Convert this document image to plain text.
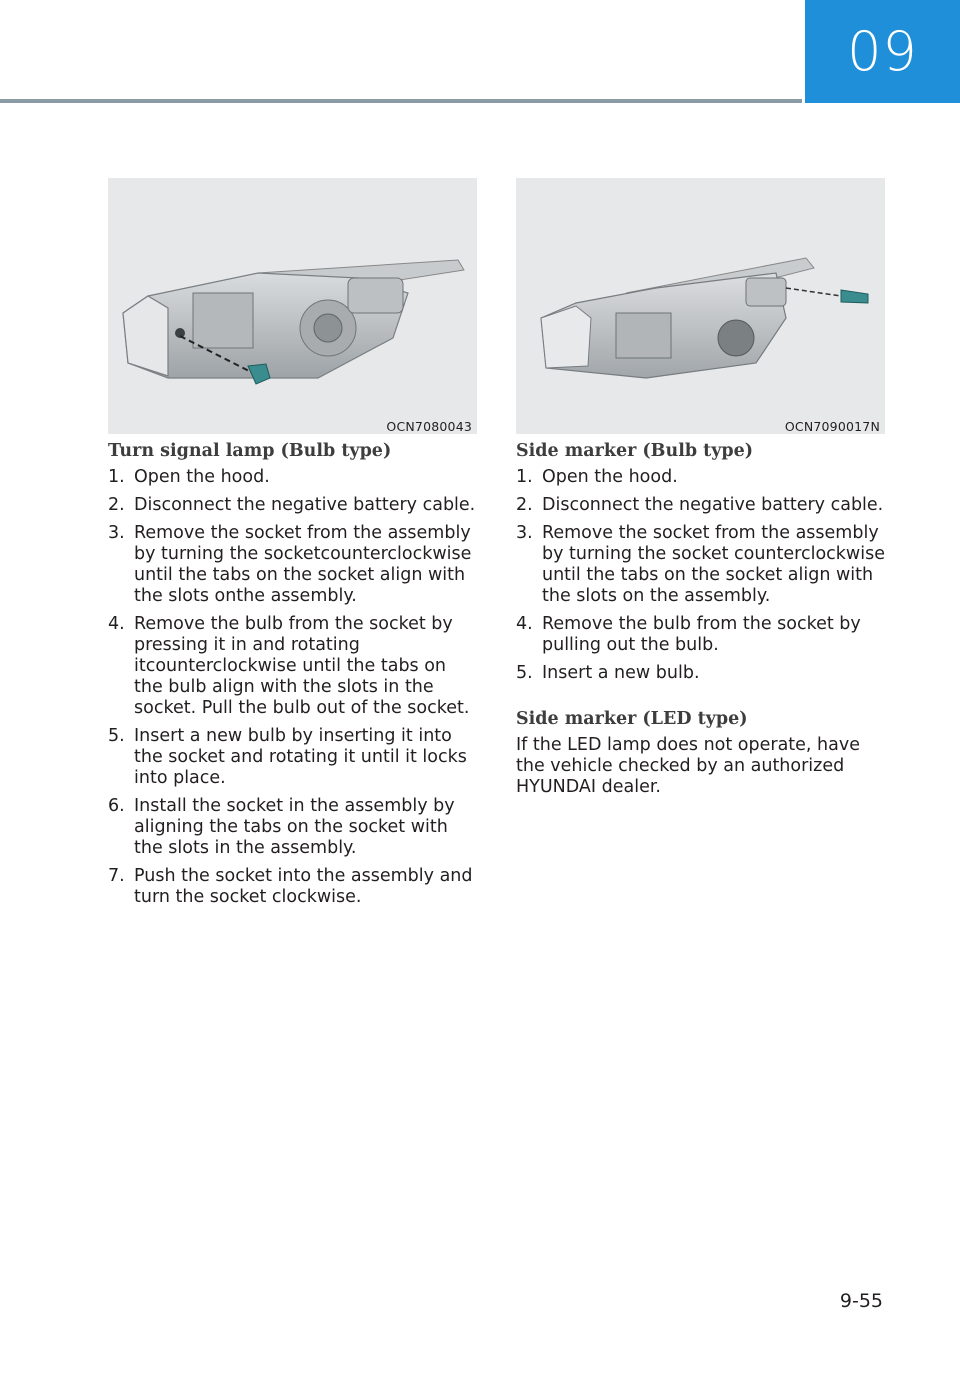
09
OCN7080043	OCN7090017N
Turn signal lamp (Bulb type)
1. Open the hood.
2. Disconnect the negative battery cable.
3. Remove the socket from the assembly by turning the socketcounterclockwise until the tabs on the socket align with the slots onthe assembly.
4. Remove the bulb from the socket by pressing it in and rotating itcounterclockwise until the tabs on the bulb align with the slots in the socket. Pull the bulb out of the socket.
5. Insert a new bulb by inserting it into the socket and rotating it until it locks into place.
6. Install the socket in the assembly by aligning the tabs on the socket with the slots in the assembly.
7. Push the socket into the assembly and turn the socket clockwise.
Side marker (Bulb type)
1. Open the hood.
2. Disconnect the negative battery cable.
3. Remove the socket from the assembly by turning the socket counterclockwise until the tabs on the socket align with the slots on the assembly.
4. Remove the bulb from the socket by pulling out the bulb.
5. Insert a new bulb.
Side marker (LED type)

If the LED lamp does not operate, have the vehicle checked by an authorized HYUNDAI dealer.

9-55
